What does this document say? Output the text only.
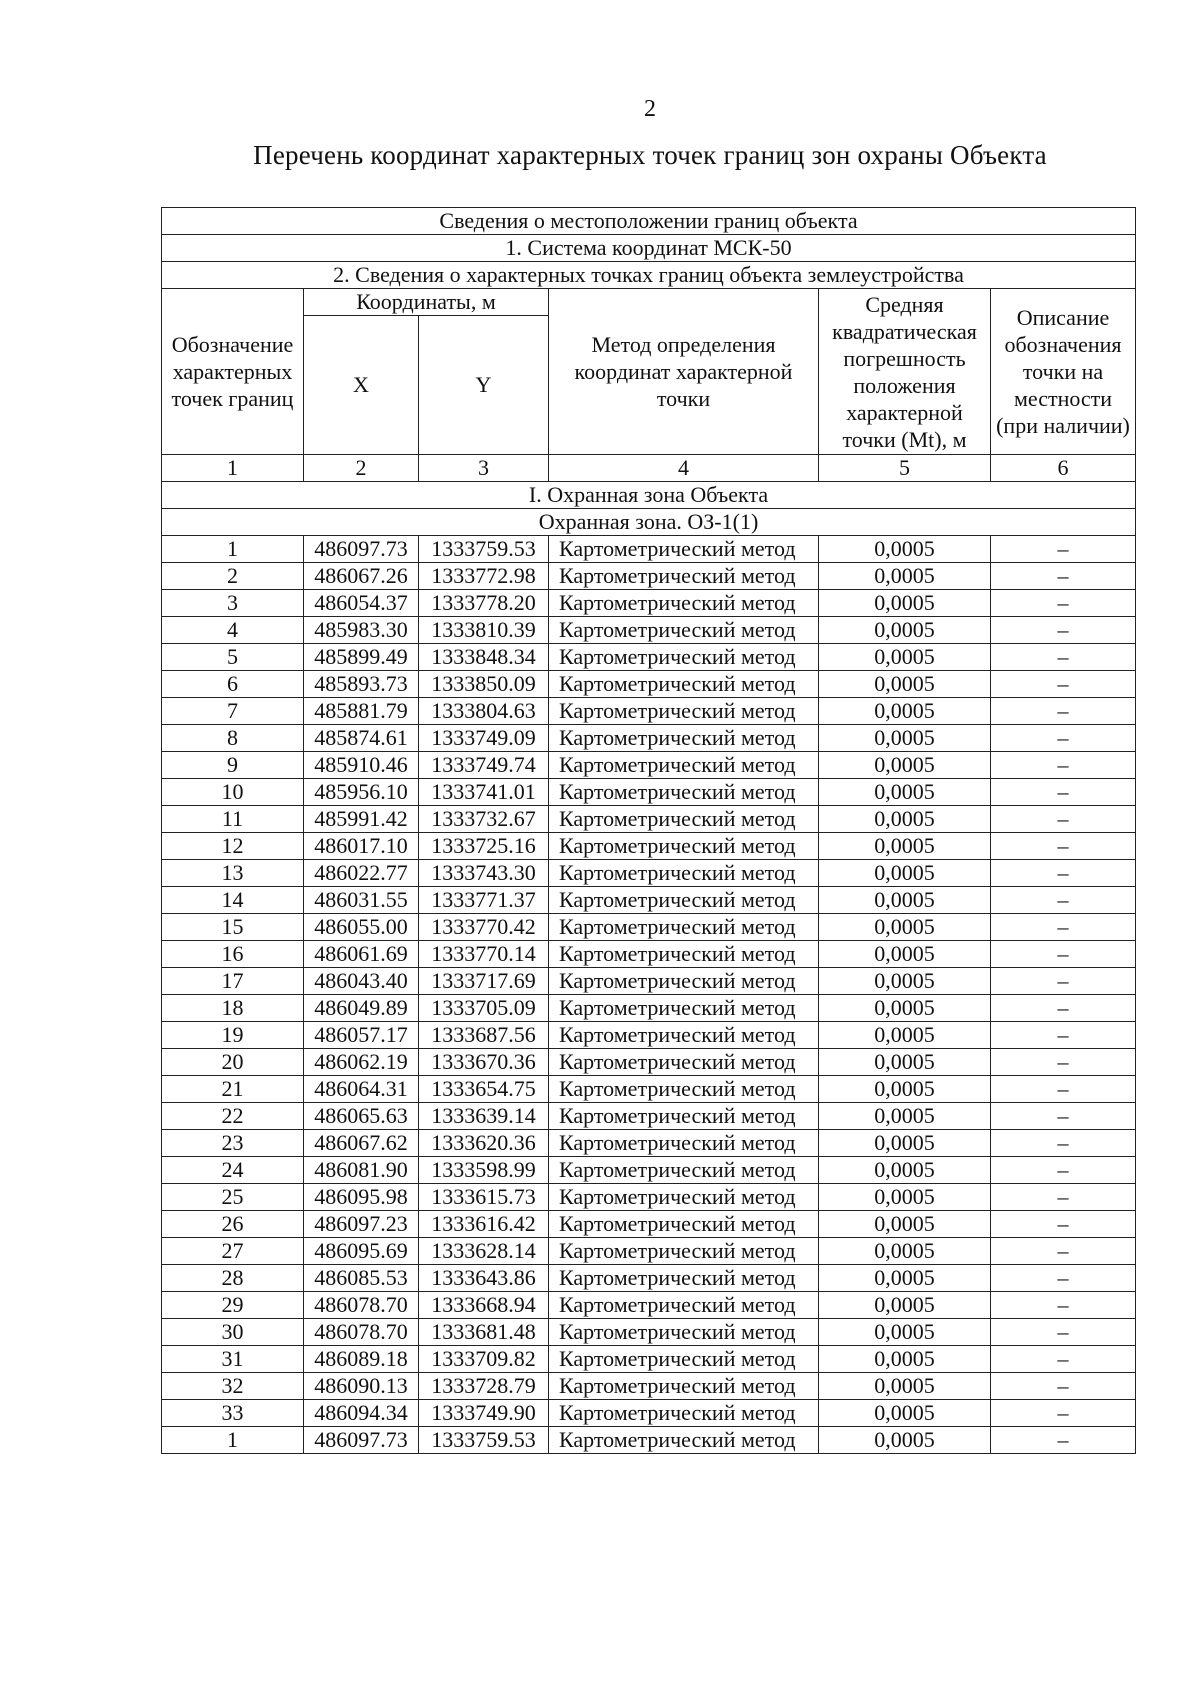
2
Перечень координат характерных точек границ зон охраны Объекта
Сведения о местоположении границ объекта					
1. Система координат МСК-50					
2. Сведения о характерных точках границ объекта землеустройства					
Обозначение характерных точек границ	Координаты, м		Метод определения координат характерной точки	Средняя квадратическая погрешность положения характерной точки (Mt), м	Описание обозначения точки на местности (при наличии)
	X	Y			
1	2	3	4	5	6
I. Охранная зона Объекта					
Охранная зона. ОЗ-1(1)					
1	486097.73	1333759.53	Картометрический метод	0,0005	–
2	486067.26	1333772.98	Картометрический метод	0,0005	–
3	486054.37	1333778.20	Картометрический метод	0,0005	–
4	485983.30	1333810.39	Картометрический метод	0,0005	–
5	485899.49	1333848.34	Картометрический метод	0,0005	–
6	485893.73	1333850.09	Картометрический метод	0,0005	–
7	485881.79	1333804.63	Картометрический метод	0,0005	–
8	485874.61	1333749.09	Картометрический метод	0,0005	–
9	485910.46	1333749.74	Картометрический метод	0,0005	–
10	485956.10	1333741.01	Картометрический метод	0,0005	–
11	485991.42	1333732.67	Картометрический метод	0,0005	–
12	486017.10	1333725.16	Картометрический метод	0,0005	–
13	486022.77	1333743.30	Картометрический метод	0,0005	–
14	486031.55	1333771.37	Картометрический метод	0,0005	–
15	486055.00	1333770.42	Картометрический метод	0,0005	–
16	486061.69	1333770.14	Картометрический метод	0,0005	–
17	486043.40	1333717.69	Картометрический метод	0,0005	–
18	486049.89	1333705.09	Картометрический метод	0,0005	–
19	486057.17	1333687.56	Картометрический метод	0,0005	–
20	486062.19	1333670.36	Картометрический метод	0,0005	–
21	486064.31	1333654.75	Картометрический метод	0,0005	–
22	486065.63	1333639.14	Картометрический метод	0,0005	–
23	486067.62	1333620.36	Картометрический метод	0,0005	–
24	486081.90	1333598.99	Картометрический метод	0,0005	–
25	486095.98	1333615.73	Картометрический метод	0,0005	–
26	486097.23	1333616.42	Картометрический метод	0,0005	–
27	486095.69	1333628.14	Картометрический метод	0,0005	–
28	486085.53	1333643.86	Картометрический метод	0,0005	–
29	486078.70	1333668.94	Картометрический метод	0,0005	–
30	486078.70	1333681.48	Картометрический метод	0,0005	–
31	486089.18	1333709.82	Картометрический метод	0,0005	–
32	486090.13	1333728.79	Картометрический метод	0,0005	–
33	486094.34	1333749.90	Картометрический метод	0,0005	–
1	486097.73	1333759.53	Картометрический метод	0,0005	–
